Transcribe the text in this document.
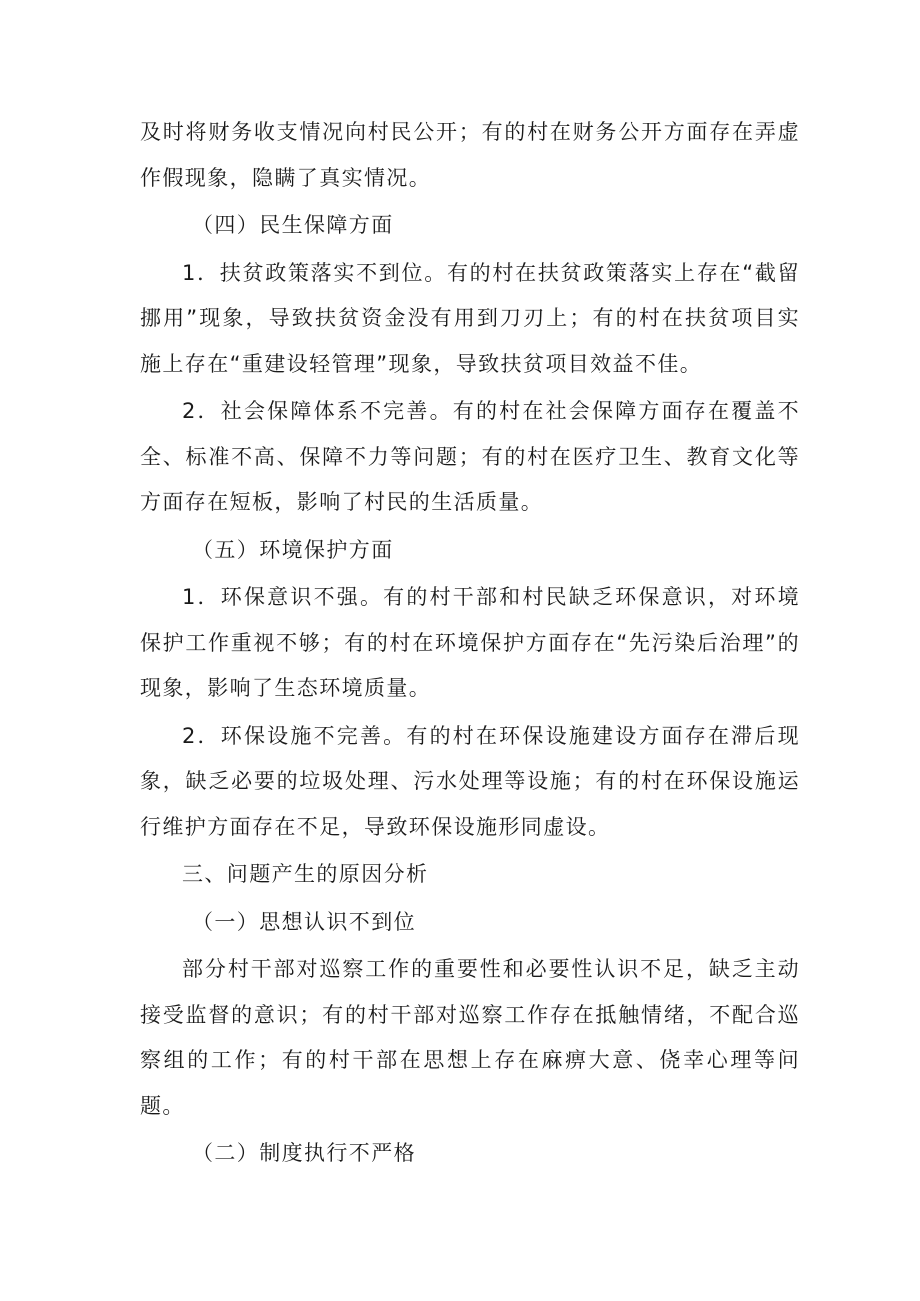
及时将财务收支情况向村民公开；有的村在财务公开方面存在弄虚作假现象，隐瞒了真实情况。

（四）民生保障方面

1．扶贫政策落实不到位。有的村在扶贫政策落实上存在“截留挪用”现象，导致扶贫资金没有用到刀刃上；有的村在扶贫项目实施上存在“重建设轻管理”现象，导致扶贫项目效益不佳。

2．社会保障体系不完善。有的村在社会保障方面存在覆盖不全、标准不高、保障不力等问题；有的村在医疗卫生、教育文化等方面存在短板，影响了村民的生活质量。

（五）环境保护方面

1．环保意识不强。有的村干部和村民缺乏环保意识，对环境保护工作重视不够；有的村在环境保护方面存在“先污染后治理”的现象，影响了生态环境质量。

2．环保设施不完善。有的村在环保设施建设方面存在滞后现象，缺乏必要的垃圾处理、污水处理等设施；有的村在环保设施运行维护方面存在不足，导致环保设施形同虚设。

三、问题产生的原因分析

（一）思想认识不到位

部分村干部对巡察工作的重要性和必要性认识不足，缺乏主动接受监督的意识；有的村干部对巡察工作存在抵触情绪，不配合巡察组的工作；有的村干部在思想上存在麻痹大意、侥幸心理等问题。

（二）制度执行不严格
